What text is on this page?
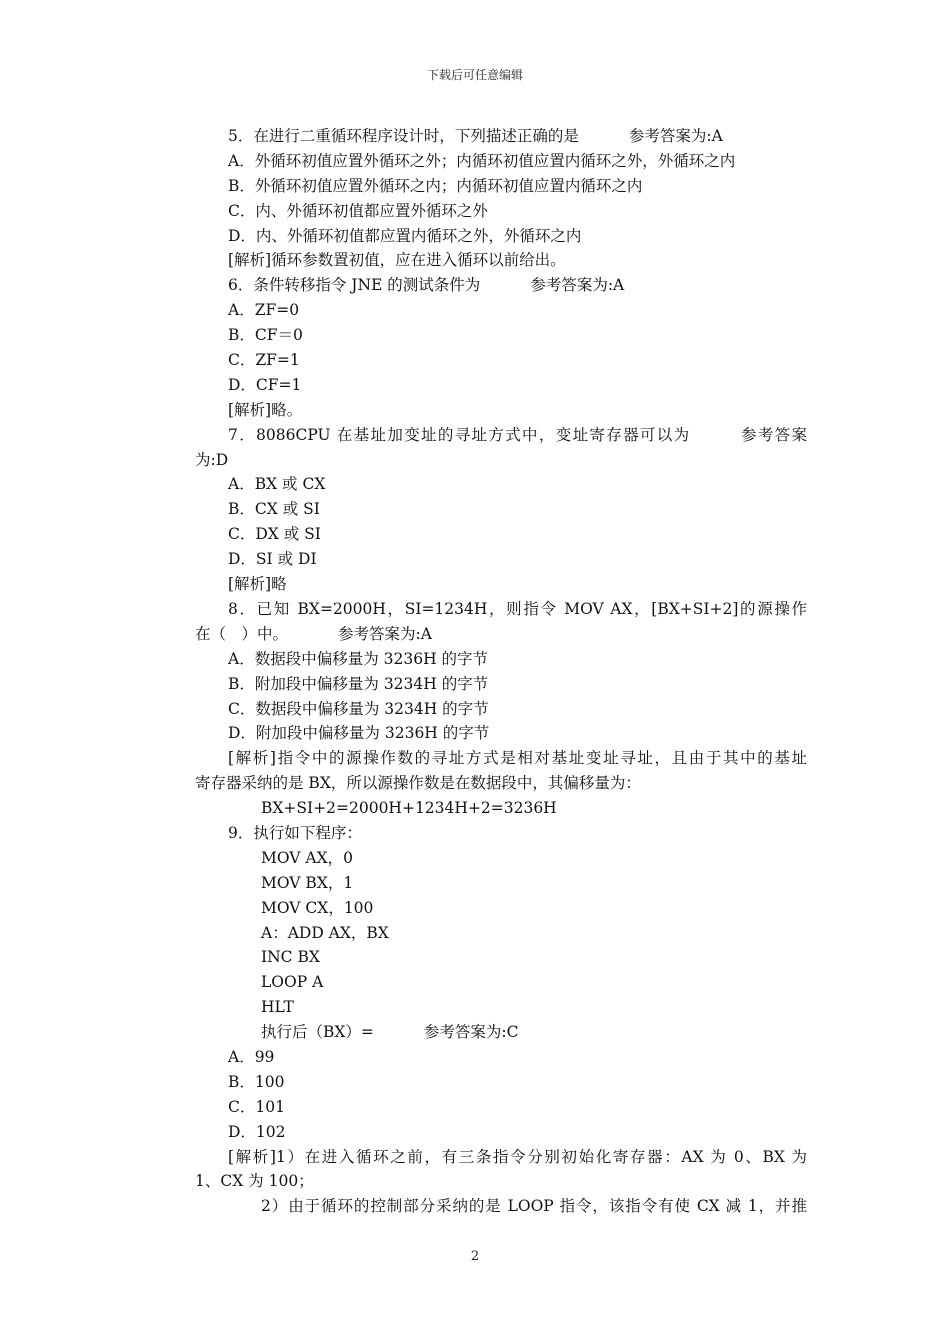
下载后可任意编辑
5．在进行二重循环程序设计时，下列描述正确的是	参考答案为:A
A．外循环初值应置外循环之外；内循环初值应置内循环之外，外循环之内
B．外循环初值应置外循环之内；内循环初值应置内循环之内
C．内、外循环初值都应置外循环之外
D．内、外循环初值都应置内循环之外，外循环之内
[解析]循环参数置初值，应在进入循环以前给出。
6．条件转移指令 JNE 的测试条件为	参考答案为:A
A．ZF=0
B．CF＝0
C．ZF=1
D．CF=1
[解析]略。
7．8086CPU 在基址加变址的寻址方式中，变址寄存器可以为　　　参考答案
为:D
A．BX 或 CX
B．CX 或 SI
C．DX 或 SI
D．SI 或 DI
[解析]略
8．已知 BX=2000H，SI=1234H，则指令 MOV AX，[BX+SI+2]的源操作
在（　）中。	参考答案为:A
A．数据段中偏移量为 3236H 的字节
B．附加段中偏移量为 3234H 的字节
C．数据段中偏移量为 3234H 的字节
D．附加段中偏移量为 3236H 的字节
[解析]指令中的源操作数的寻址方式是相对基址变址寻址，且由于其中的基址
寄存器采纳的是 BX，所以源操作数是在数据段中，其偏移量为：
BX+SI+2=2000H+1234H+2=3236H
9．执行如下程序：
MOV AX，0
MOV BX，1
MOV CX，100
A：ADD AX，BX
INC BX
LOOP A
HLT
执行后（BX）=	参考答案为:C
A．99
B．100
C．101
D．102
[解析]1）在进入循环之前，有三条指令分别初始化寄存器：AX 为 0、BX 为
1、CX 为 100；
2）由于循环的控制部分采纳的是 LOOP 指令，该指令有使 CX 减 1，并推
2
